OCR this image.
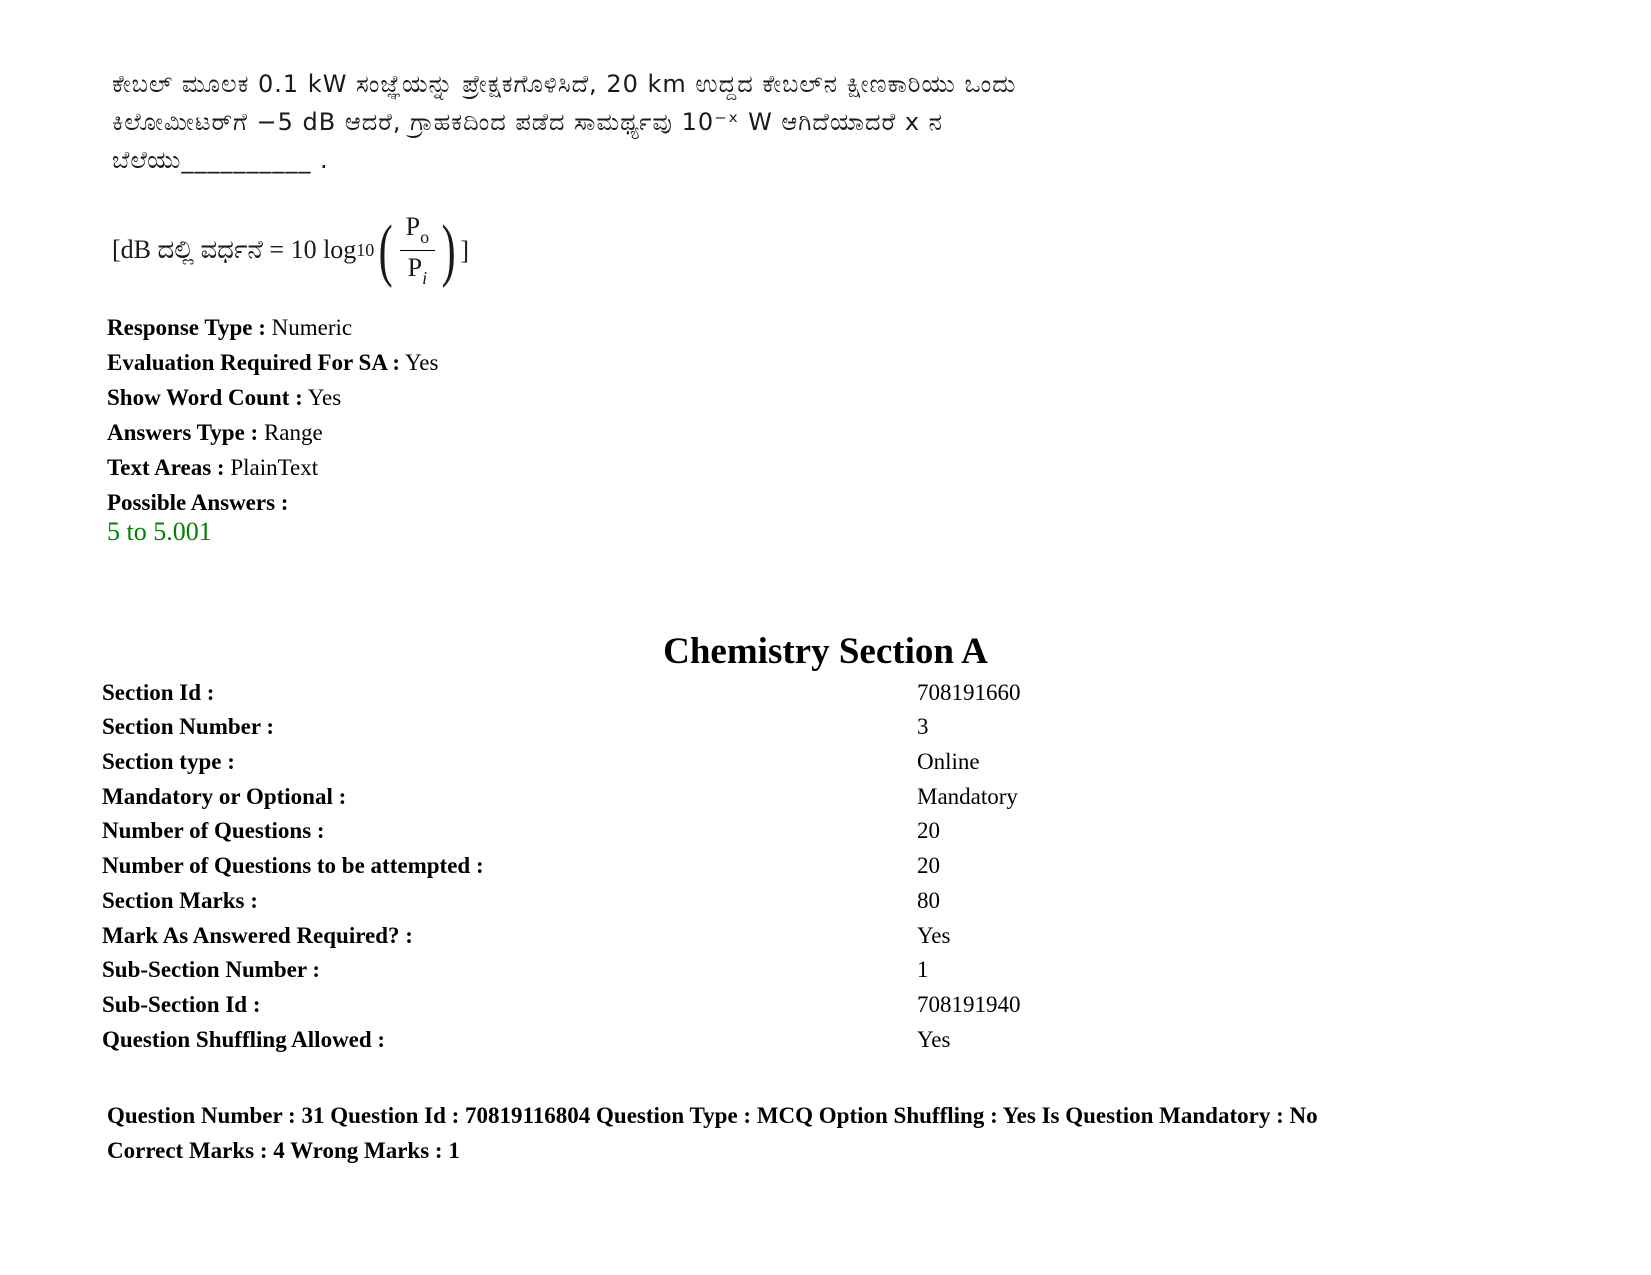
ಕೇಬಲ್ ಮೂಲಕ 0.1 kW ಸಂಜ್ಞೆಯನ್ನು ಪ್ರೇಕ್ಷಕಗೊಳಿಸಿದೆ, 20 km ಉದ್ದದ ಕೇಬಲ್‌ನ ಕ್ಷೀಣಕಾರಿಯು ಒಂದು
ಕಿಲೋಮೀಟರ್‌ಗೆ −5 dB ಆದರೆ, ಗ್ರಾಹಕದಿಂದ ಪಡೆದ ಸಾಮರ್ಥ್ಯವು 10⁻ˣ W ಆಗಿದೆಯಾದರೆ x ನ
ಬೆಲೆಯು__________ .
[dB ದಲ್ಲಿ ವರ್ಧನೆ = 10 log 10 ( $\frac{P_o}{P_i}$ ) ]
Response Type : Numeric
Evaluation Required For SA : Yes
Show Word Count : Yes
Answers Type : Range
Text Areas : PlainText
Possible Answers :
5 to 5.001
Chemistry Section A
Section Id :	708191660
Section Number :	3
Section type :	Online
Mandatory or Optional :	Mandatory
Number of Questions :	20
Number of Questions to be attempted :	20
Section Marks :	80
Mark As Answered Required? :	Yes
Sub-Section Number :	1
Sub-Section Id :	708191940
Question Shuffling Allowed :	Yes
Question Number : 31 Question Id : 70819116804 Question Type : MCQ Option Shuffling : Yes Is Question Mandatory : No
Correct Marks : 4 Wrong Marks : 1
